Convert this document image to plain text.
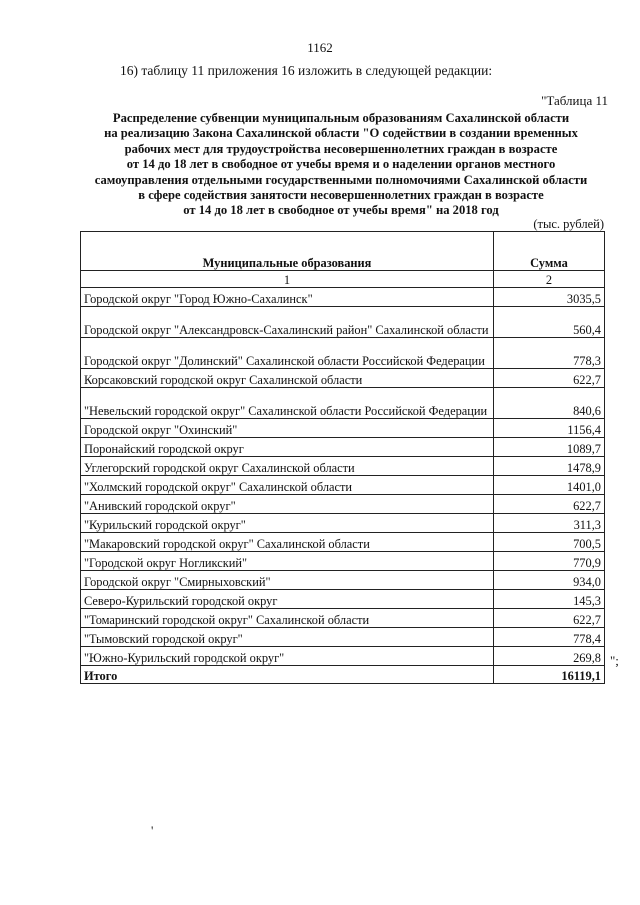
1162
16) таблицу 11 приложения 16 изложить в следующей редакции:
"Таблица 11
Распределение субвенции муниципальным образованиям Сахалинской области
на реализацию Закона Сахалинской области "О содействии в создании временных
рабочих мест для трудоустройства несовершеннолетних граждан в возрасте
от 14 до 18 лет в свободное от учебы время и о наделении органов местного
самоуправления отдельными государственными полномочиями Сахалинской области
в сфере содействия занятости несовершеннолетних граждан в возрасте
от 14 до 18 лет в свободное от учебы время" на 2018 год
(тыс. рублей)
Муниципальные образования	Сумма
1	2
Городской округ "Город Южно-Сахалинск"	3035,5
Городской округ "Александровск-Сахалинский район" Сахалинской области	560,4
Городской округ "Долинский" Сахалинской области Российской Федерации	778,3
Корсаковский городской округ Сахалинской области	622,7
"Невельский городской округ" Сахалинской области Российской Федерации	840,6
Городской округ "Охинский"	1156,4
Поронайский городской округ	1089,7
Углегорский городской округ Сахалинской области	1478,9
"Холмский городской округ" Сахалинской области	1401,0
"Анивский городской округ"	622,7
"Курильский городской округ"	311,3
"Макаровский городской округ" Сахалинской области	700,5
"Городской округ Ногликский"	770,9
Городской округ "Смирныховский"	934,0
Северо-Курильский городской округ	145,3
"Томаринский городской округ" Сахалинской области	622,7
"Тымовский городской округ"	778,4
"Южно-Курильский городской округ"	269,8
Итого	16119,1
";
'
